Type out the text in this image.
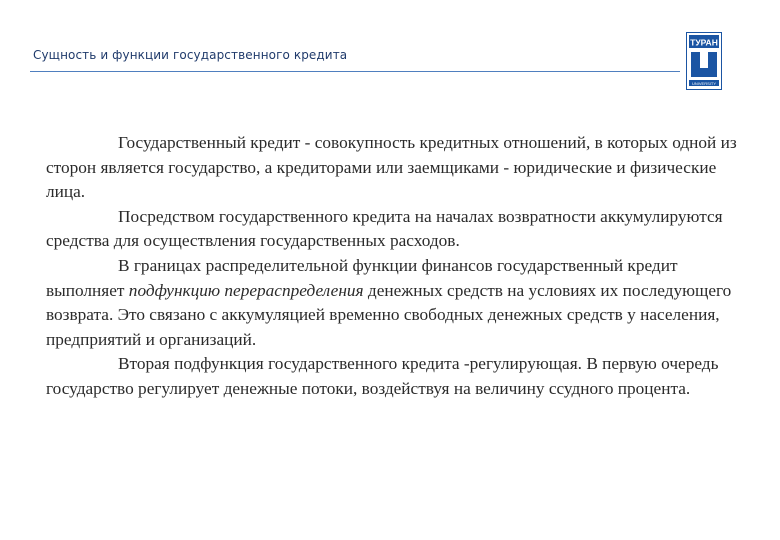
Сущность и функции государственного кредита
ТУРАН
UNIVERSITY

Государственный кредит - совокупность кредитных отношений, в которых одной из сторон является государство, а кредиторами или заемщиками - юридические и физические лица.

Посредством государственного кредита на началах возвратности аккумулируются средства для осуществления государственных расходов.

В границах распределительной функции финансов государственный кредит выполняет подфункцию перераспределения денежных средств на условиях их последующего возврата. Это связано с аккумуляцией временно свободных денежных средств у населения, предприятий и организаций.

Вторая подфункция государственного кредита -регулирующая. В первую очередь государство регулирует денежные потоки, воздействуя на величину ссудного процента.
